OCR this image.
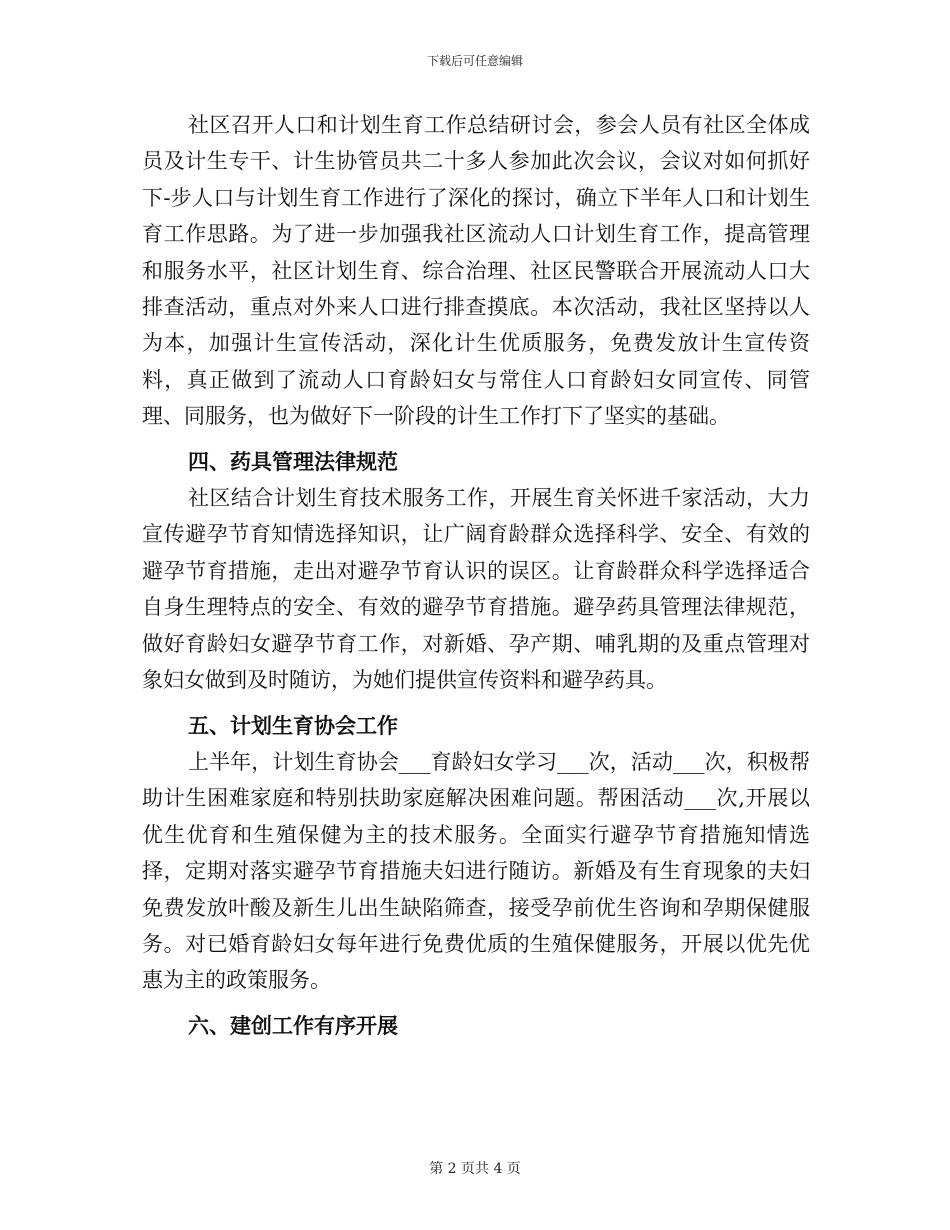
下载后可任意编辑

社区召开人口和计划生育工作总结研讨会，参会人员有社区全体成员及计生专干、计生协管员共二十多人参加此次会议，会议对如何抓好下-步人口与计划生育工作进行了深化的探讨，确立下半年人口和计划生育工作思路。为了进一步加强我社区流动人口计划生育工作，提高管理和服务水平，社区计划生育、综合治理、社区民警联合开展流动人口大排查活动，重点对外来人口进行排查摸底。本次活动，我社区坚持以人为本，加强计生宣传活动，深化计生优质服务，免费发放计生宣传资料，真正做到了流动人口育龄妇女与常住人口育龄妇女同宣传、同管理、同服务，也为做好下一阶段的计生工作打下了坚实的基础。

四、药具管理法律规范

社区结合计划生育技术服务工作，开展生育关怀进千家活动，大力宣传避孕节育知情选择知识，让广阔育龄群众选择科学、安全、有效的避孕节育措施，走出对避孕节育认识的误区。让育龄群众科学选择适合自身生理特点的安全、有效的避孕节育措施。避孕药具管理法律规范，做好育龄妇女避孕节育工作，对新婚、孕产期、哺乳期的及重点管理对象妇女做到及时随访，为她们提供宣传资料和避孕药具。

五、计划生育协会工作

上半年，计划生育协会___育龄妇女学习___次，活动___次，积极帮助计生困难家庭和特别扶助家庭解决困难问题。帮困活动___次,开展以优生优育和生殖保健为主的技术服务。全面实行避孕节育措施知情选择，定期对落实避孕节育措施夫妇进行随访。新婚及有生育现象的夫妇免费发放叶酸及新生儿出生缺陷筛查，接受孕前优生咨询和孕期保健服务。对已婚育龄妇女每年进行免费优质的生殖保健服务，开展以优先优惠为主的政策服务。

六、建创工作有序开展

第 2 页共 4 页
